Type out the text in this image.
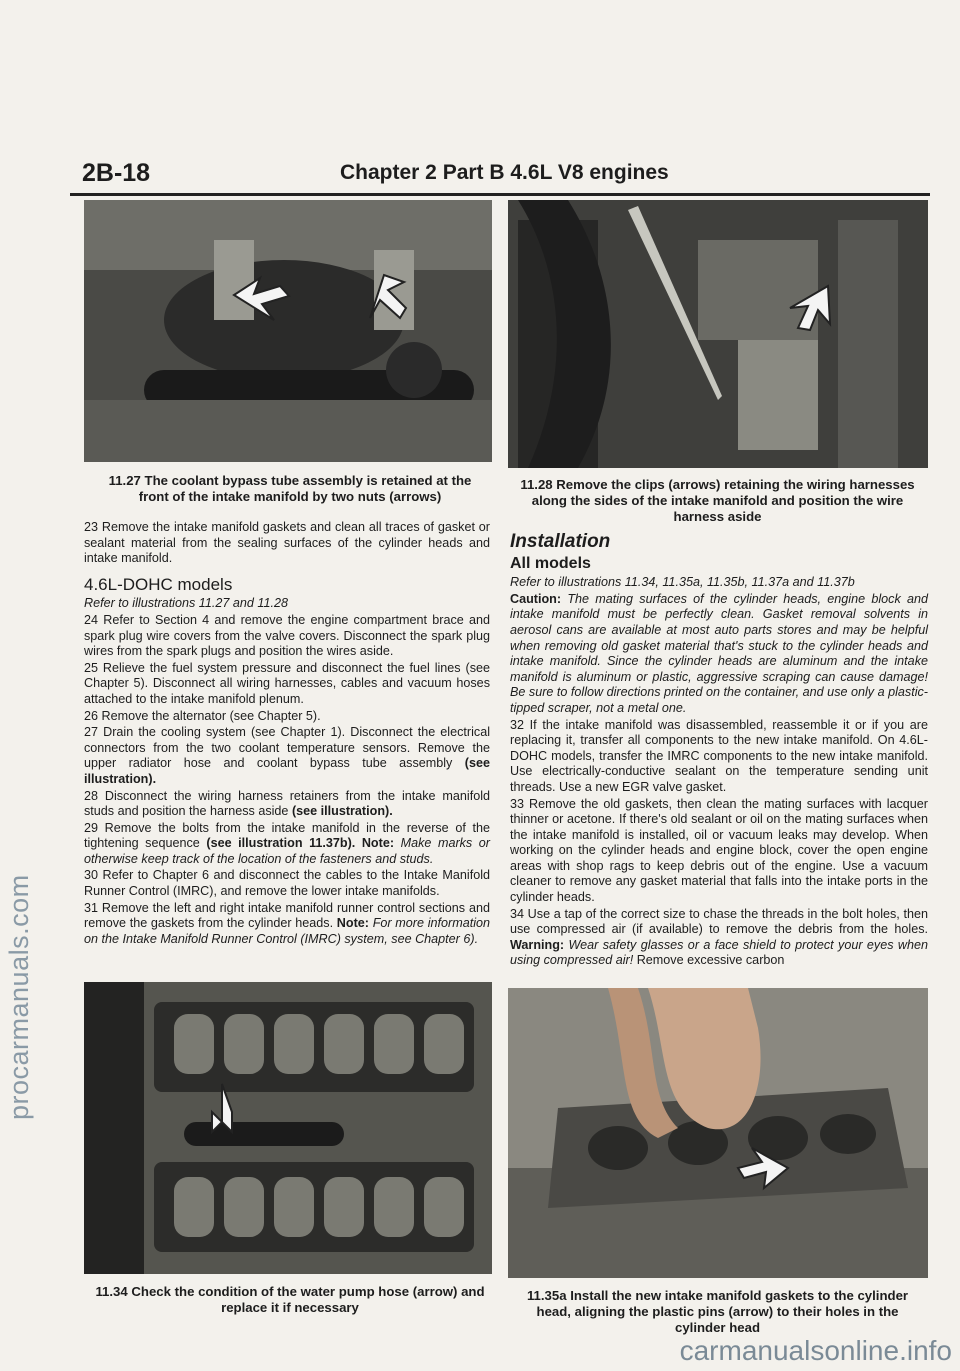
procarmanuals.com
2B-18	Chapter 2 Part B 4.6L V8 engines
11.27 The coolant bypass tube assembly is retained at the front of the intake manifold by two nuts (arrows)
11.28 Remove the clips (arrows) retaining the wiring harnesses along the sides of the intake manifold and position the wire harness aside

23 Remove the intake manifold gaskets and clean all traces of gasket or sealant material from the sealing surfaces of the cylinder heads and intake manifold.

4.6L-DOHC models

Refer to illustrations 11.27 and 11.28

24 Refer to Section 4 and remove the engine compartment brace and spark plug wire covers from the valve covers. Disconnect the spark plug wires from the spark plugs and position the wires aside.

25 Relieve the fuel system pressure and disconnect the fuel lines (see Chapter 5). Disconnect all wiring harnesses, cables and vacuum hoses attached to the intake manifold plenum.

26 Remove the alternator (see Chapter 5).

27 Drain the cooling system (see Chapter 1). Disconnect the electrical connectors from the two coolant temperature sensors. Remove the upper radiator hose and coolant bypass tube assembly (see illustration).

28 Disconnect the wiring harness retainers from the intake manifold studs and position the harness aside (see illustration).

29 Remove the bolts from the intake manifold in the reverse of the tightening sequence (see illustration 11.37b). Note: Make marks or otherwise keep track of the location of the fasteners and studs.

30 Refer to Chapter 6 and disconnect the cables to the Intake Manifold Runner Control (IMRC), and remove the lower intake manifolds.

31 Remove the left and right intake manifold runner control sections and remove the gaskets from the cylinder heads. Note: For more information on the Intake Manifold Runner Control (IMRC) system, see Chapter 6).

Installation
All models

Refer to illustrations 11.34, 11.35a, 11.35b, 11.37a and 11.37b

Caution: The mating surfaces of the cylinder heads, engine block and intake manifold must be perfectly clean. Gasket removal solvents in aerosol cans are available at most auto parts stores and may be helpful when removing old gasket material that's stuck to the cylinder heads and intake manifold. Since the cylinder heads are aluminum and the intake manifold is aluminum or plastic, aggressive scraping can cause damage! Be sure to follow directions printed on the container, and use only a plastic-tipped scraper, not a metal one.

32 If the intake manifold was disassembled, reassemble it or if you are replacing it, transfer all components to the new intake manifold. On 4.6L-DOHC models, transfer the IMRC components to the new intake manifold. Use electrically-conductive sealant on the temperature sending unit threads. Use a new EGR valve gasket.

33 Remove the old gaskets, then clean the mating surfaces with lacquer thinner or acetone. If there's old sealant or oil on the mating surfaces when the intake manifold is installed, oil or vacuum leaks may develop. When working on the cylinder heads and engine block, cover the open engine areas with shop rags to keep debris out of the engine. Use a vacuum cleaner to remove any gasket material that falls into the intake ports in the cylinder heads.

34 Use a tap of the correct size to chase the threads in the bolt holes, then use compressed air (if available) to remove the debris from the holes. Warning: Wear safety glasses or a face shield to protect your eyes when using compressed air! Remove excessive carbon

11.34 Check the condition of the water pump hose (arrow) and replace it if necessary
11.35a Install the new intake manifold gaskets to the cylinder head, aligning the plastic pins (arrow) to their holes in the cylinder head
carmanualsonline.info
